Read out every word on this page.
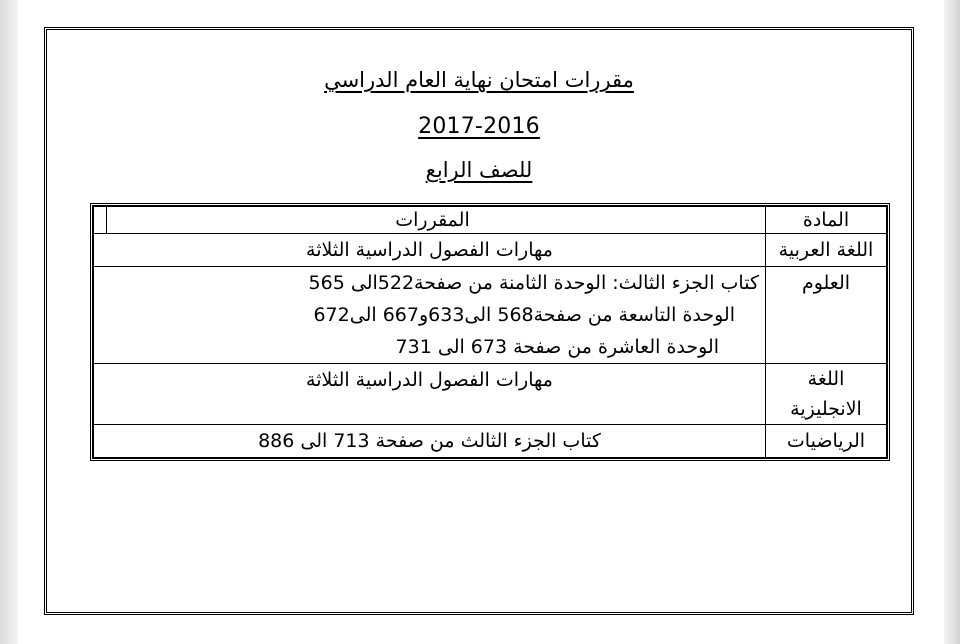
مقررات امتحان نهاية العام الدراسي
2017-2016
للصف الرابع
المادة	المقررات

اللغة العربية	مهارات الفصول الدراسية الثلاثة
العلوم	كتاب الجزء الثالث: الوحدة الثامنة من صفحة522الى 565
الوحدة التاسعة من صفحة568 الى633و667 الى672
الوحدة العاشرة من صفحة 673 الى 731

اللغة
الانجليزية	مهارات الفصول الدراسية الثلاثة
الرياضيات	كتاب الجزء الثالث من صفحة 713 الى 886
